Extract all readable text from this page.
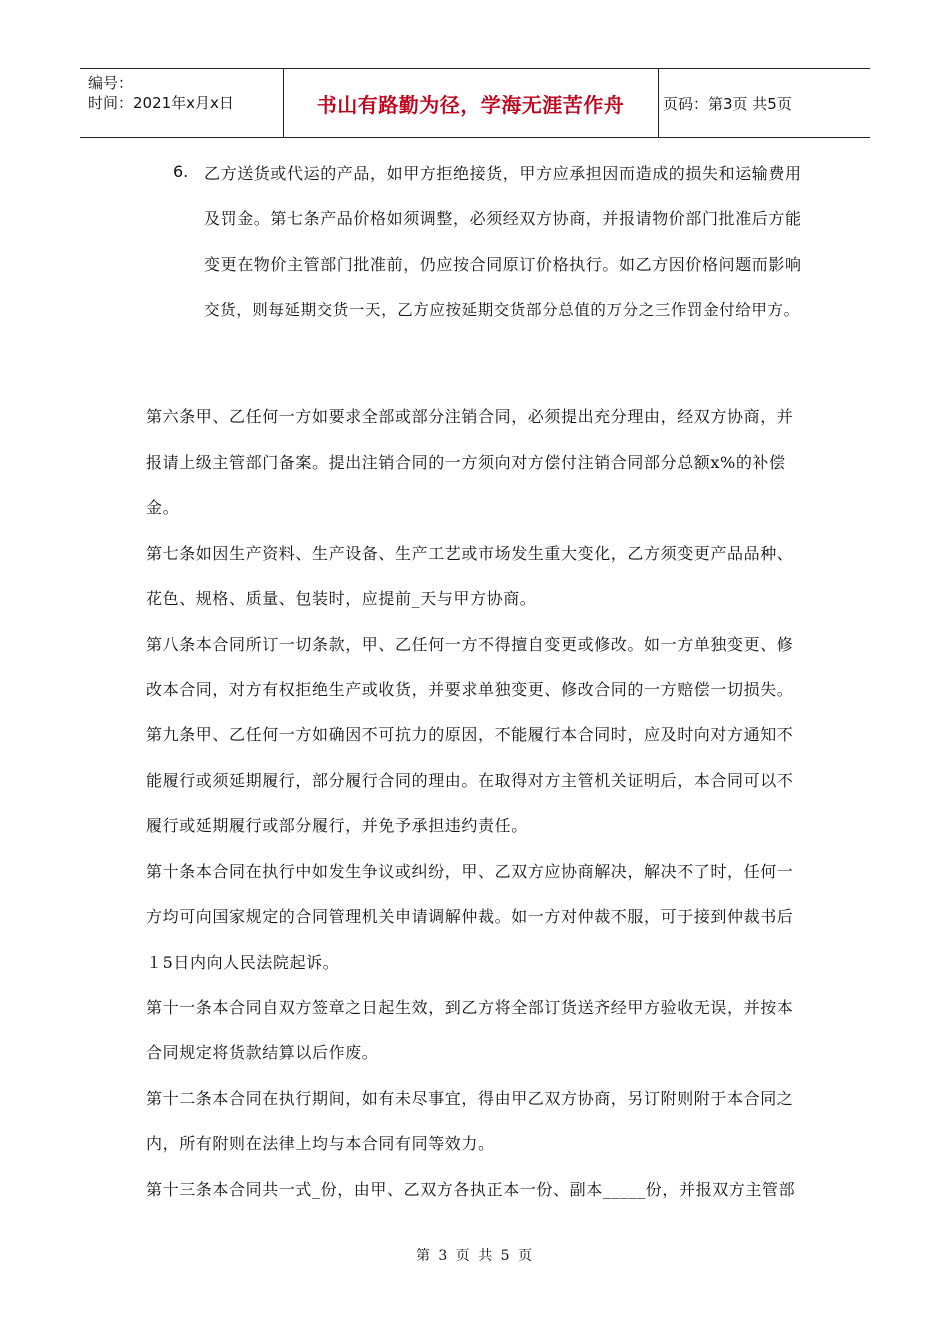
编号：
时间：2021年x月x日	书山有路勤为径，学海无涯苦作舟	页码：第3页 共5页
6. 乙方送货或代运的产品，如甲方拒绝接货，甲方应承担因而造成的损失和运输费用
及罚金。第七条产品价格如须调整，必须经双方协商，并报请物价部门批准后方能
变更在物价主管部门批准前，仍应按合同原订价格执行。如乙方因价格问题而影响
交货，则每延期交货一天，乙方应按延期交货部分总值的万分之三作罚金付给甲方。
第六条甲、乙任何一方如要求全部或部分注销合同，必须提出充分理由，经双方协商，并
报请上级主管部门备案。提出注销合同的一方须向对方偿付注销合同部分总额x%的补偿
金。
第七条如因生产资料、生产设备、生产工艺或市场发生重大变化，乙方须变更产品品种、
花色、规格、质量、包装时，应提前_天与甲方协商。
第八条本合同所订一切条款，甲、乙任何一方不得擅自变更或修改。如一方单独变更、修
改本合同，对方有权拒绝生产或收货，并要求单独变更、修改合同的一方赔偿一切损失。
第九条甲、乙任何一方如确因不可抗力的原因，不能履行本合同时，应及时向对方通知不
能履行或须延期履行，部分履行合同的理由。在取得对方主管机关证明后，本合同可以不
履行或延期履行或部分履行，并免予承担违约责任。
第十条本合同在执行中如发生争议或纠纷，甲、乙双方应协商解决，解决不了时，任何一
方均可向国家规定的合同管理机关申请调解仲裁。如一方对仲裁不服，可于接到仲裁书后
１5日内向人民法院起诉。
第十一条本合同自双方签章之日起生效，到乙方将全部订货送齐经甲方验收无误，并按本
合同规定将货款结算以后作废。
第十二条本合同在执行期间，如有未尽事宜，得由甲乙双方协商，另订附则附于本合同之
内，所有附则在法律上均与本合同有同等效力。
第十三条本合同共一式_份，由甲、乙双方各执正本一份、副本_____份，并报双方主管部
第 3 页 共 5 页
